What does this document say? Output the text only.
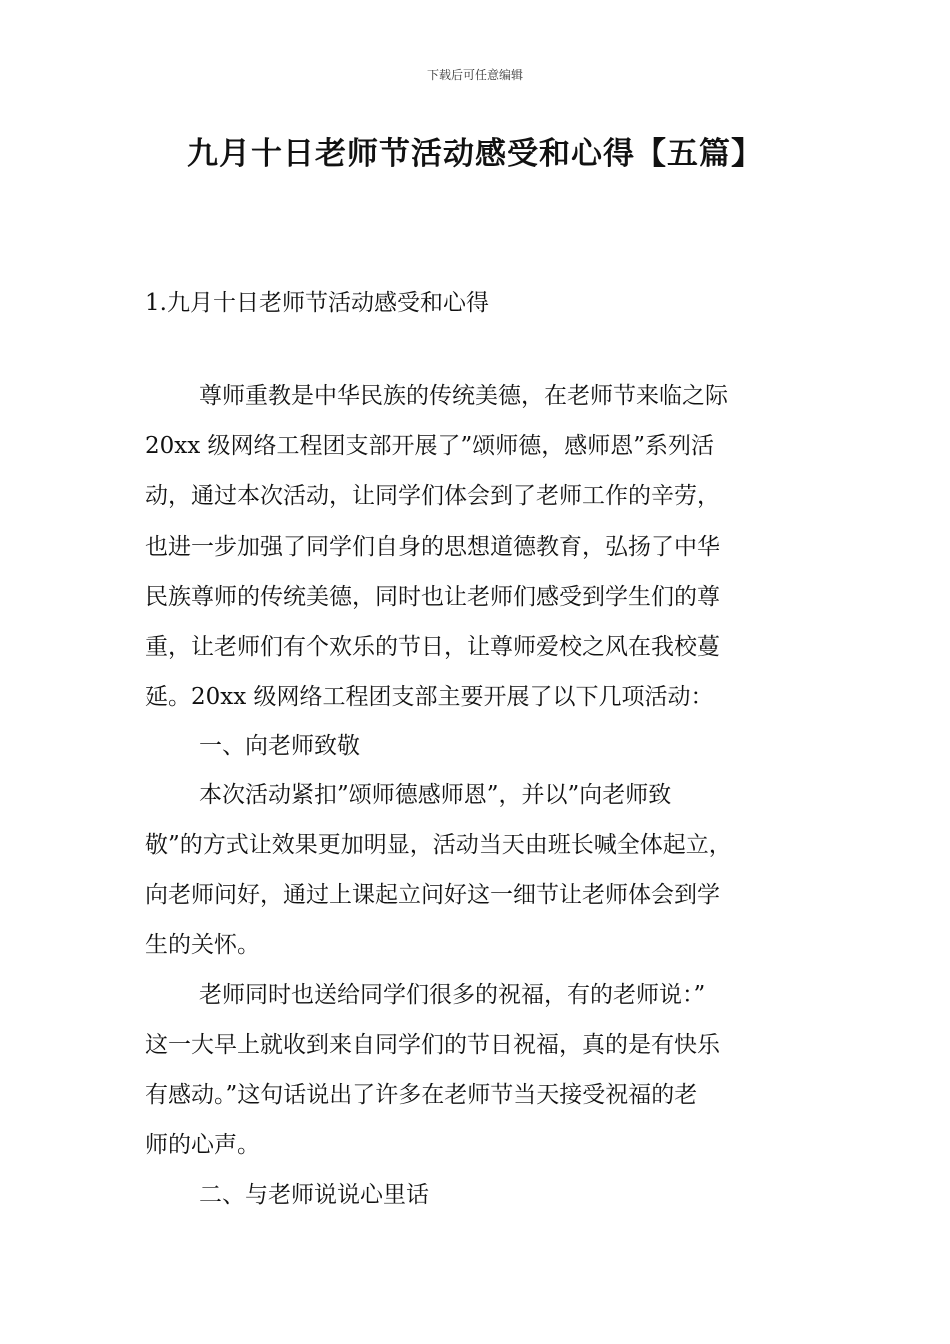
下载后可任意编辑
九月十日老师节活动感受和心得【五篇】
1.九月十日老师节活动感受和心得
尊师重教是中华民族的传统美德，在老师节来临之际
20xx 级网络工程团支部开展了”颂师德，感师恩”系列活
动，通过本次活动，让同学们体会到了老师工作的辛劳，
也进一步加强了同学们自身的思想道德教育，弘扬了中华
民族尊师的传统美德，同时也让老师们感受到学生们的尊
重，让老师们有个欢乐的节日，让尊师爱校之风在我校蔓
延。20xx 级网络工程团支部主要开展了以下几项活动：
一、向老师致敬
本次活动紧扣”颂师德感师恩”，并以”向老师致
敬”的方式让效果更加明显，活动当天由班长喊全体起立，
向老师问好，通过上课起立问好这一细节让老师体会到学
生的关怀。
老师同时也送给同学们很多的祝福，有的老师说：”
这一大早上就收到来自同学们的节日祝福，真的是有快乐
有感动。”这句话说出了许多在老师节当天接受祝福的老
师的心声。
二、与老师说说心里话
